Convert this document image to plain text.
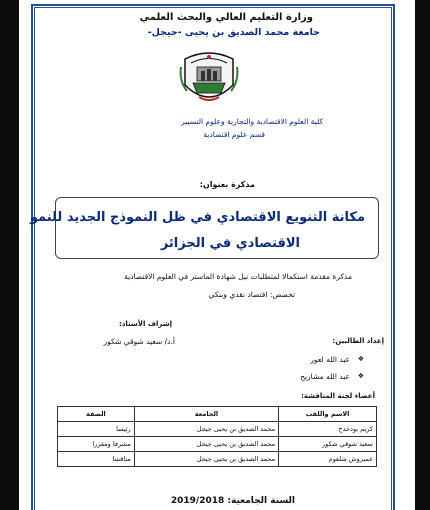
وزارة التعليم العالي والبحث العلمي
جامعة محمد الصديق بن يحيى -جيجل-
كلية العلوم الاقتصادية والتجارية وعلوم التسيير
قسم علوم اقتصادية
مذكرة بعنوان:
مكانة التنويع الاقتصادي في ظل النموذج الجديد للنمو
الاقتصادي في الجزائر
مذكرة مقدمة استكمالا لمتطلبات نيل شهادة الماستر في العلوم الاقتصادية
تخصص: اقتصاد نقدي وبنكي
إشراف الأستاذ:
أ.د/ سعيد شوقي شكور	إعداد الطالبين:
❖
عبد الله لعور
❖
عبد الله مشاريح
أعضاء لجنة المناقشة:
الاسم واللقب	الجامعة	الصفة
كريم بودخدخ	محمد الصديق بن يحيى جيجل	رئيسا
سعيد شوقي شكور	محمد الصديق بن يحيى جيجل	مشرفا ومقررا
عميروش شلغوم	محمد الصديق بن يحيى جيجل	مناقشا
السنة الجامعية: 2019/2018
